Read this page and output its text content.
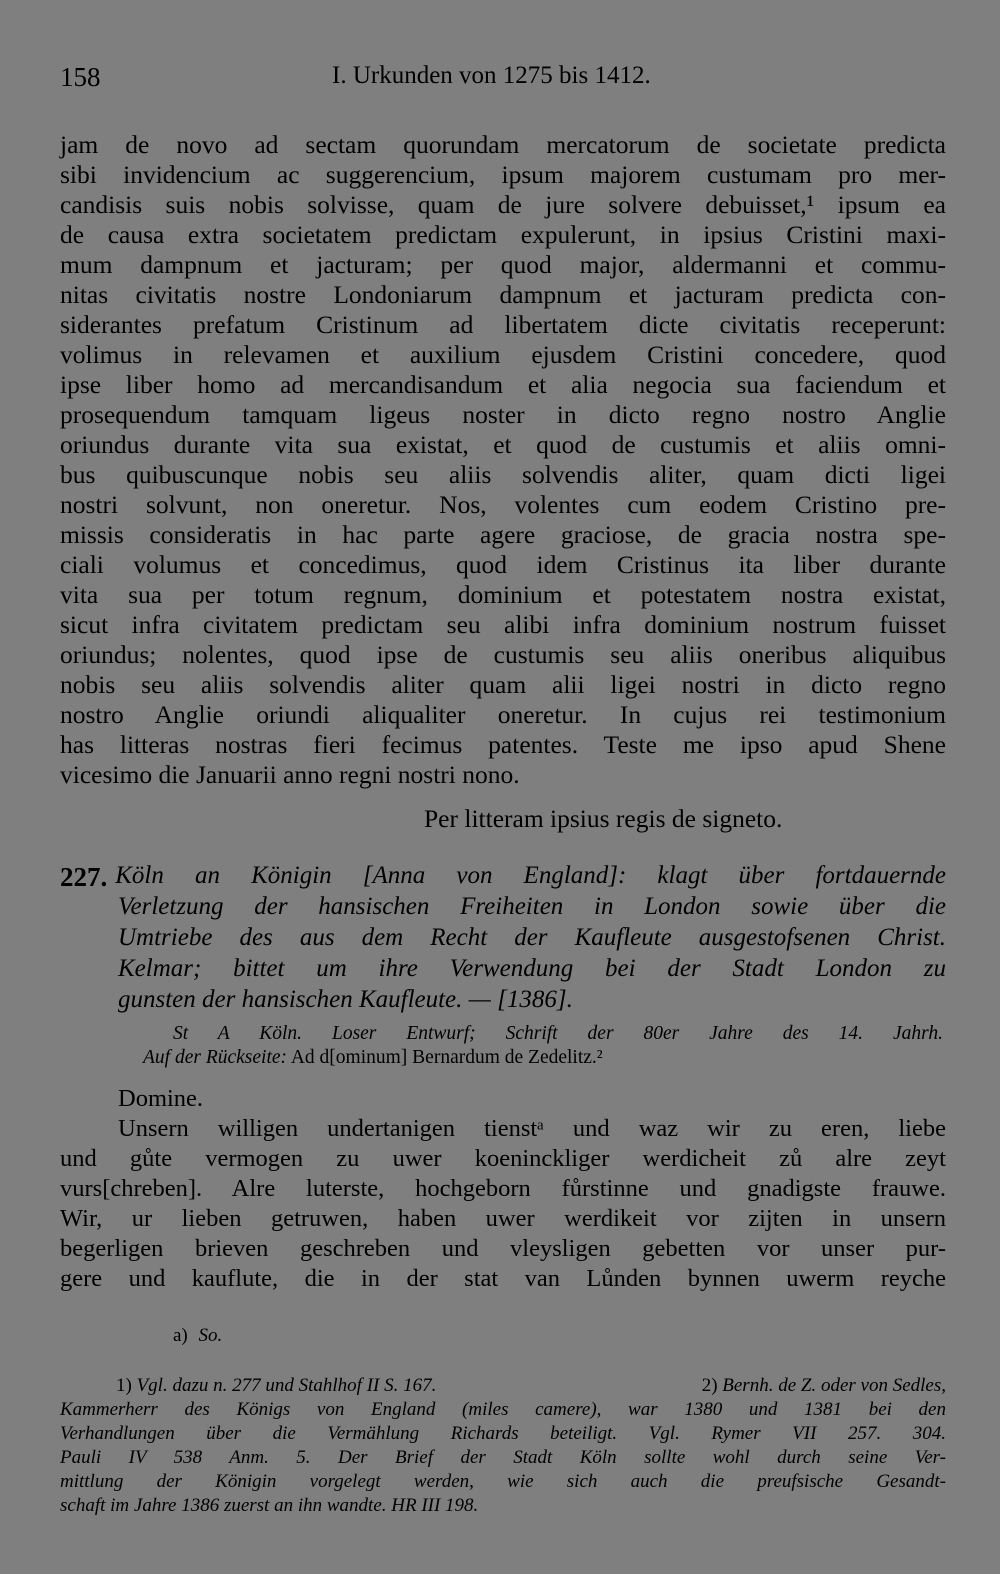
158	I. Urkunden von 1275 bis 1412.
jam de novo ad sectam quorundam mercatorum de societate predicta
sibi invidencium ac suggerencium, ipsum majorem custumam pro mer-
candisis suis nobis solvisse, quam de jure solvere debuisset,¹ ipsum ea
de causa extra societatem predictam expulerunt, in ipsius Cristini maxi-
mum dampnum et jacturam; per quod major, aldermanni et commu-
nitas civitatis nostre Londoniarum dampnum et jacturam predicta con-
siderantes prefatum Cristinum ad libertatem dicte civitatis receperunt:
volimus in relevamen et auxilium ejusdem Cristini concedere, quod
ipse liber homo ad mercandisandum et alia negocia sua faciendum et
prosequendum tamquam ligeus noster in dicto regno nostro Anglie
oriundus durante vita sua existat, et quod de custumis et aliis omni-
bus quibuscunque nobis seu aliis solvendis aliter, quam dicti ligei
nostri solvunt, non oneretur. Nos, volentes cum eodem Cristino pre-
missis consideratis in hac parte agere graciose, de gracia nostra spe-
ciali volumus et concedimus, quod idem Cristinus ita liber durante
vita sua per totum regnum, dominium et potestatem nostra existat,
sicut infra civitatem predictam seu alibi infra dominium nostrum fuisset
oriundus; nolentes, quod ipse de custumis seu aliis oneribus aliquibus
nobis seu aliis solvendis aliter quam alii ligei nostri in dicto regno
nostro Anglie oriundi aliqualiter oneretur. In cujus rei testimonium
has litteras nostras fieri fecimus patentes. Teste me ipso apud Shene
vicesimo die Januarii anno regni nostri nono.
Per litteram ipsius regis de signeto.
227. Köln an Königin [Anna von England]: klagt über fortdauernde
Verletzung der hansischen Freiheiten in London sowie über die
Umtriebe des aus dem Recht der Kaufleute ausgestofsenen Christ.
Kelmar; bittet um ihre Verwendung bei der Stadt London zu
gunsten der hansischen Kaufleute. — [1386].
St A Köln. Loser Entwurf; Schrift der 80er Jahre des 14. Jahrh.
Auf der Rückseite: Ad d[ominum] Bernardum de Zedelitz.²
Domine.
Unsern willigen undertanigen tienstᵃ und waz wir zu eren, liebe
und gůte vermogen zu uwer koeninckliger werdicheit zů alre zeyt
vurs[chreben]. Alre luterste, hochgeborn fůrstinne und gnadigste frauwe.
Wir, ur lieben getruwen, haben uwer werdikeit vor zijten in unsern
begerligen brieven geschreben und vleysligen gebetten vor unser pur-
gere und kauflute, die in der stat van Lůnden bynnen uwerm reyche
a) So.
1) Vgl. dazu n. 277 und Stahlhof II S. 167.	2) Bernh. de Z. oder von Sedles,
Kammerherr des Königs von England (miles camere), war 1380 und 1381 bei den
Verhandlungen über die Vermählung Richards beteiligt. Vgl. Rymer VII 257. 304.
Pauli IV 538 Anm. 5. Der Brief der Stadt Köln sollte wohl durch seine Ver-
mittlung der Königin vorgelegt werden, wie sich auch die preufsische Gesandt-
schaft im Jahre 1386 zuerst an ihn wandte. HR III 198.
